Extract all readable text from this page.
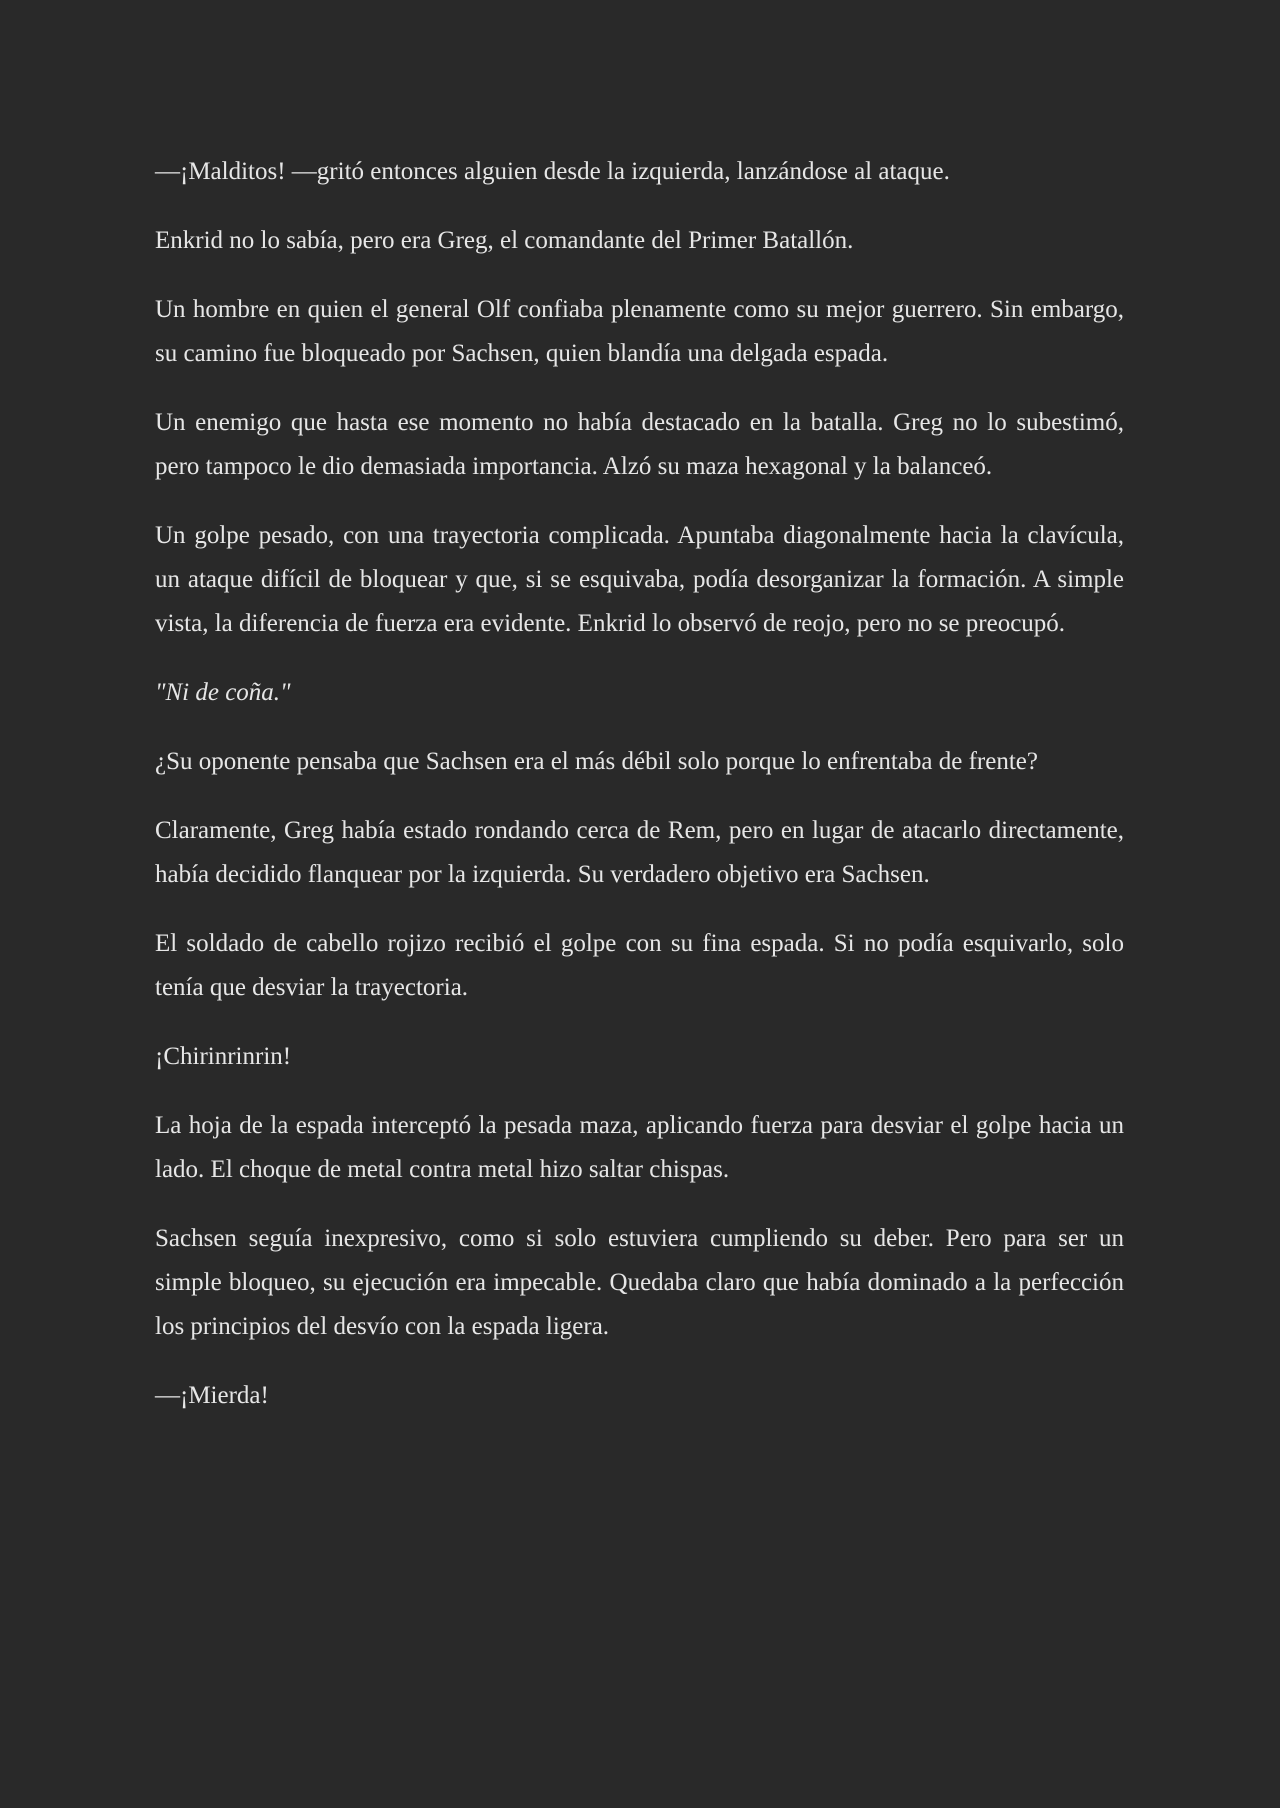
—¡Malditos! —gritó entonces alguien desde la izquierda, lanzándose al ataque.

Enkrid no lo sabía, pero era Greg, el comandante del Primer Batallón.

Un hombre en quien el general Olf confiaba plenamente como su mejor guerrero. Sin embargo, su camino fue bloqueado por Sachsen, quien blandía una delgada espada.

Un enemigo que hasta ese momento no había destacado en la batalla. Greg no lo subestimó, pero tampoco le dio demasiada importancia. Alzó su maza hexagonal y la balanceó.

Un golpe pesado, con una trayectoria complicada. Apuntaba diagonalmente hacia la clavícula, un ataque difícil de bloquear y que, si se esquivaba, podía desorganizar la formación. A simple vista, la diferencia de fuerza era evidente. Enkrid lo observó de reojo, pero no se preocupó.

"Ni de coña."

¿Su oponente pensaba que Sachsen era el más débil solo porque lo enfrentaba de frente?

Claramente, Greg había estado rondando cerca de Rem, pero en lugar de atacarlo directamente, había decidido flanquear por la izquierda. Su verdadero objetivo era Sachsen.

El soldado de cabello rojizo recibió el golpe con su fina espada. Si no podía esquivarlo, solo tenía que desviar la trayectoria.

¡Chirinrinrin!

La hoja de la espada interceptó la pesada maza, aplicando fuerza para desviar el golpe hacia un lado. El choque de metal contra metal hizo saltar chispas.

Sachsen seguía inexpresivo, como si solo estuviera cumpliendo su deber. Pero para ser un simple bloqueo, su ejecución era impecable. Quedaba claro que había dominado a la perfección los principios del desvío con la espada ligera.

—¡Mierda!
